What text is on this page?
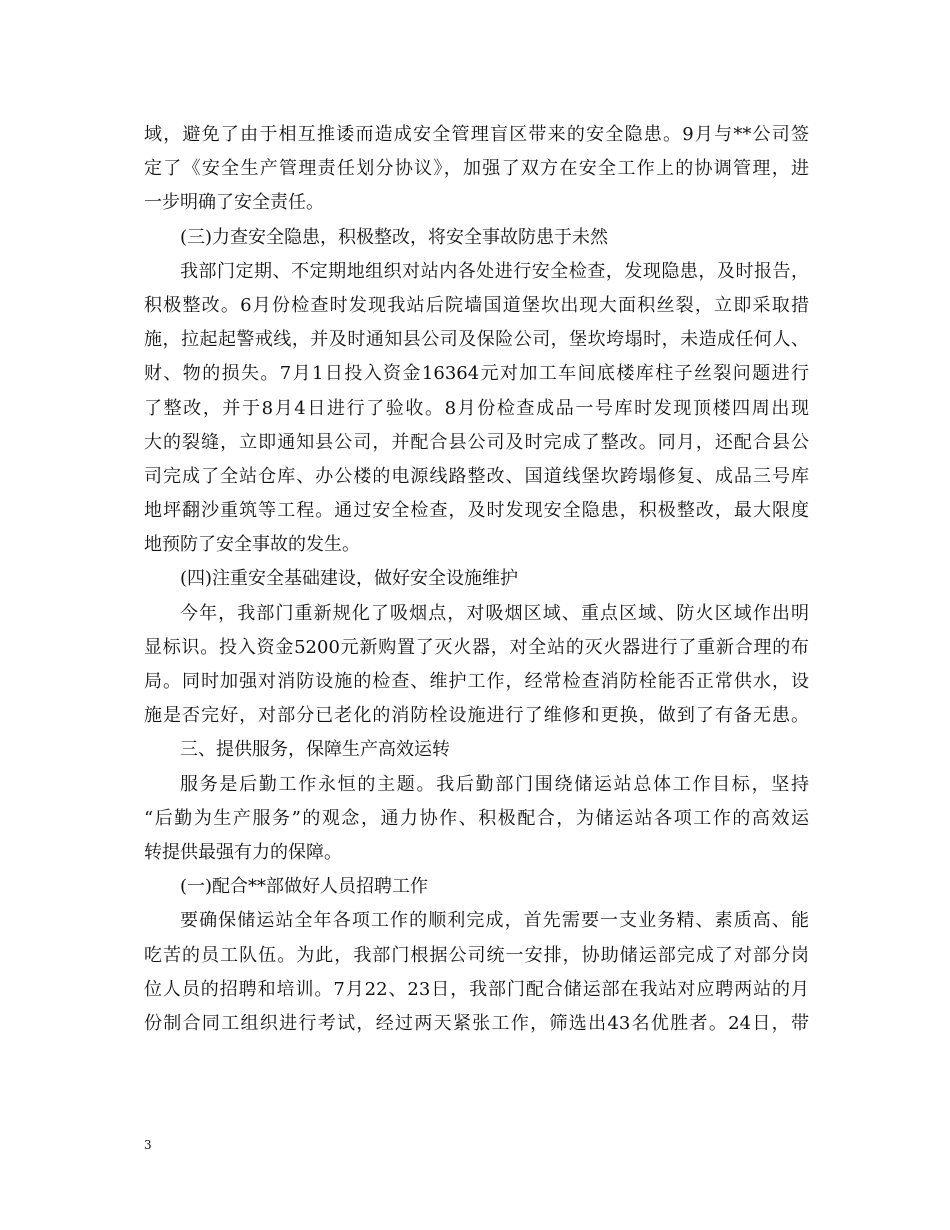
域，避免了由于相互推诿而造成安全管理盲区带来的安全隐患。9月与**公司签
定了《安全生产管理责任划分协议》，加强了双方在安全工作上的协调管理，进
一步明确了安全责任。
(三)力查安全隐患，积极整改，将安全事故防患于未然
我部门定期、不定期地组织对站内各处进行安全检查，发现隐患，及时报告，
积极整改。6月份检查时发现我站后院墙国道堡坎出现大面积丝裂，立即采取措
施，拉起起警戒线，并及时通知县公司及保险公司，堡坎垮塌时，未造成任何人、
财、物的损失。7月1日投入资金16364元对加工车间底楼库柱子丝裂问题进行
了整改，并于8月4日进行了验收。8月份检查成品一号库时发现顶楼四周出现
大的裂缝，立即通知县公司，并配合县公司及时完成了整改。同月，还配合县公
司完成了全站仓库、办公楼的电源线路整改、国道线堡坎跨塌修复、成品三号库
地坪翻沙重筑等工程。通过安全检查，及时发现安全隐患，积极整改，最大限度
地预防了安全事故的发生。
(四)注重安全基础建设，做好安全设施维护
今年，我部门重新规化了吸烟点，对吸烟区域、重点区域、防火区域作出明
显标识。投入资金5200元新购置了灭火器，对全站的灭火器进行了重新合理的布
局。同时加强对消防设施的检查、维护工作，经常检查消防栓能否正常供水，设
施是否完好，对部分已老化的消防栓设施进行了维修和更换，做到了有备无患。
三、提供服务，保障生产高效运转
服务是后勤工作永恒的主题。我后勤部门围绕储运站总体工作目标，坚持
“后勤为生产服务”的观念，通力协作、积极配合，为储运站各项工作的高效运
转提供最强有力的保障。
(一)配合**部做好人员招聘工作
要确保储运站全年各项工作的顺利完成，首先需要一支业务精、素质高、能
吃苦的员工队伍。为此，我部门根据公司统一安排，协助储运部完成了对部分岗
位人员的招聘和培训。7月22、23日，我部门配合储运部在我站对应聘两站的月
份制合同工组织进行考试，经过两天紧张工作，筛选出43名优胜者。24日，带
3
